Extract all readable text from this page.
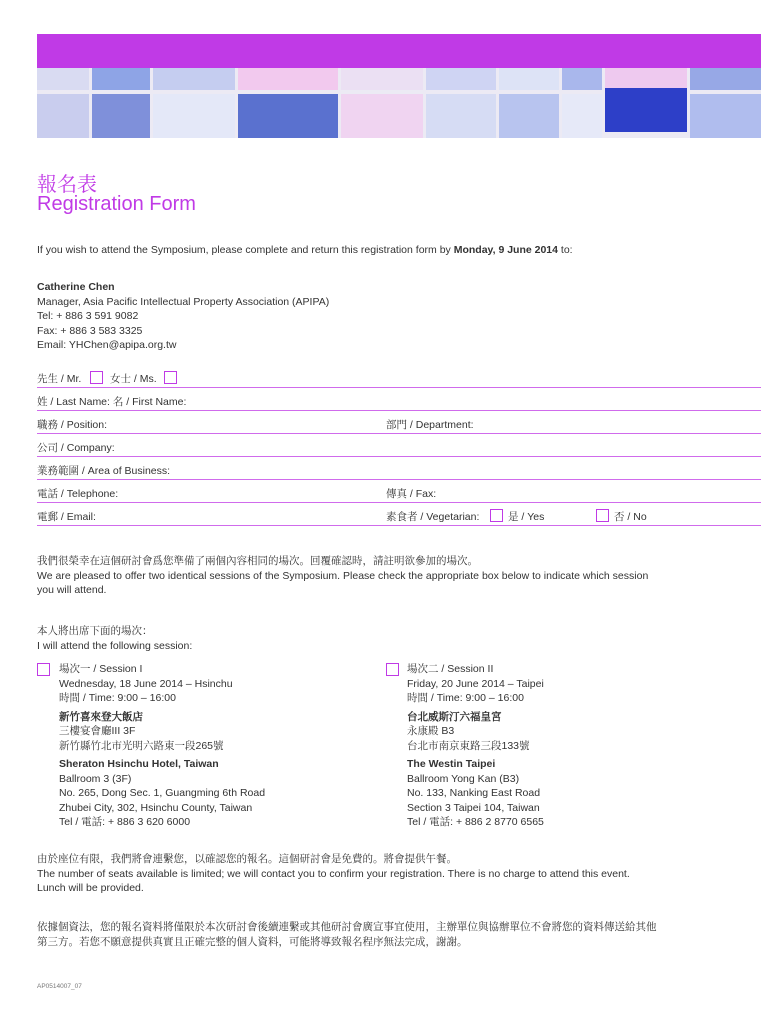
報名表
Registration Form
If you wish to attend the Symposium, please complete and return this registration form by Monday, 9 June 2014 to:
Catherine Chen
Manager, Asia Pacific Intellectual Property Association (APIPA)
Tel: + 886 3 591 9082
Fax: + 886 3 583 3325
Email: YHChen@apipa.org.tw
先生 / Mr.	女士 / Ms.
姓 / Last Name: 名 / First Name:
職務 / Position:	部門 / Department:
公司 / Company:
業務範圍 / Area of Business:
電話 / Telephone:	傳真 / Fax:
電郵 / Email:	素食者 / Vegetarian:	是 / Yes	否 / No
我們很榮幸在這個研討會爲您準備了兩個內容相同的場次。回覆確認時，請註明欲參加的場次。
We are pleased to offer two identical sessions of the Symposium. Please check the appropriate box below to indicate which session
you will attend.
本人將出席下面的場次：
I will attend the following session:
場次一 / Session I
Wednesday, 18 June 2014 – Hsinchu
時間 / Time: 9:00 – 16:00
新竹喜來登大飯店
三樓宴會廳III 3F
新竹縣竹北市光明六路東一段265號
Sheraton Hsinchu Hotel, Taiwan
Ballroom 3 (3F)
No. 265, Dong Sec. 1, Guangming 6th Road
Zhubei City, 302, Hsinchu County, Taiwan
Tel / 電話: + 886 3 620 6000
場次二 / Session II
Friday, 20 June 2014 – Taipei
時間 / Time: 9:00 – 16:00
台北威斯汀六福皇宮
永康殿 B3
台北市南京東路三段133號
The Westin Taipei
Ballroom Yong Kan (B3)
No. 133, Nanking East Road
Section 3 Taipei 104, Taiwan
Tel / 電話: + 886 2 8770 6565
由於座位有限，我們將會連繫您，以確認您的報名。這個研討會是免費的。將會提供午餐。
The number of seats available is limited; we will contact you to confirm your registration. There is no charge to attend this event.
Lunch will be provided.
依據個資法，您的報名資料將僅限於本次研討會後續連繫或其他研討會廣宣事宜使用，主辦單位與協辦單位不會將您的資料傳送給其他
第三方。若您不願意提供真實且正確完整的個人資料，可能將導致報名程序無法完成，謝謝。
AP0514007_07
